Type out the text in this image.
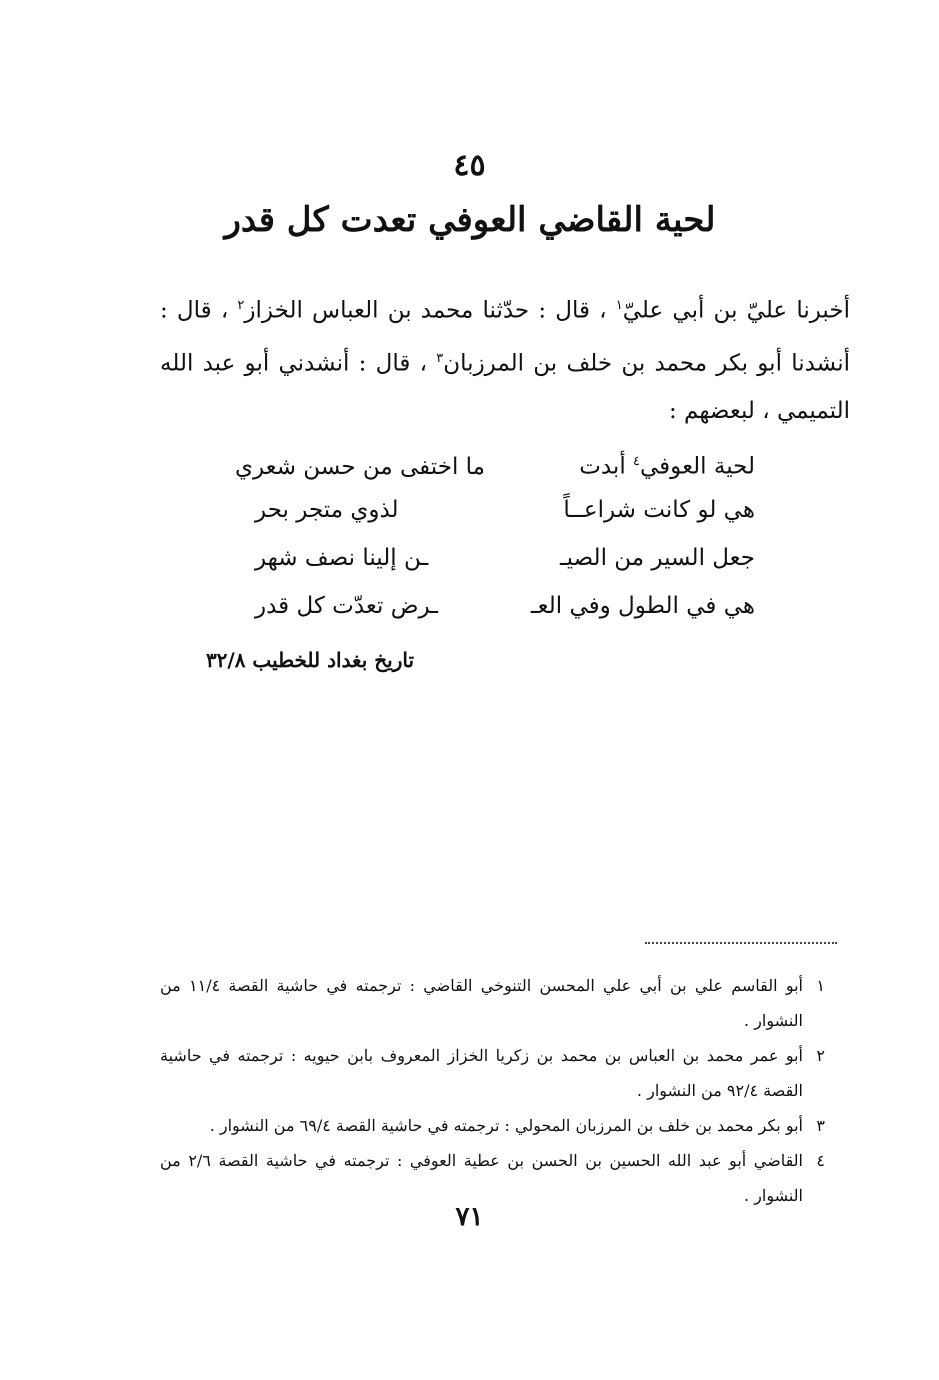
٤٥
لحية القاضي العوفي تعدت كل قدر

أخبرنا عليّ بن أبي عليّ$^١$ ، قال : حدّثنا محمد بن العباس الخزاز$^٢$ ، قال : أنشدنا أبو بكر محمد بن خلف بن المرزبان$^٣$ ، قال : أنشدني أبو عبد الله التميمي ، لبعضهم :

لحية العوفي$^٤$ أبدت
ما اختفى من حسن شعري
هي لو كانت شراعــاً
لذوي متجر بحر
جعل السير من الصيـ
ـن إلينا نصف شهر
هي في الطول وفي العـ
ـرض تعدّت كل قدر
تاريخ بغداد للخطيب ٣٢/٨
١
أبو القاسم علي بن أبي علي المحسن التنوخي القاضي : ترجمته في حاشية القصة ١١/٤ من النشوار .
٢
أبو عمر محمد بن العباس بن محمد بن زكريا الخزاز المعروف بابن حيويه : ترجمته في حاشية القصة ٩٢/٤ من النشوار .
٣
أبو بكر محمد بن خلف بن المرزبان المحولي : ترجمته في حاشية القصة ٦٩/٤ من النشوار .
٤
القاضي أبو عبد الله الحسين بن الحسن بن عطية العوفي : ترجمته في حاشية القصة ٢/٦ من النشوار .
٧١
